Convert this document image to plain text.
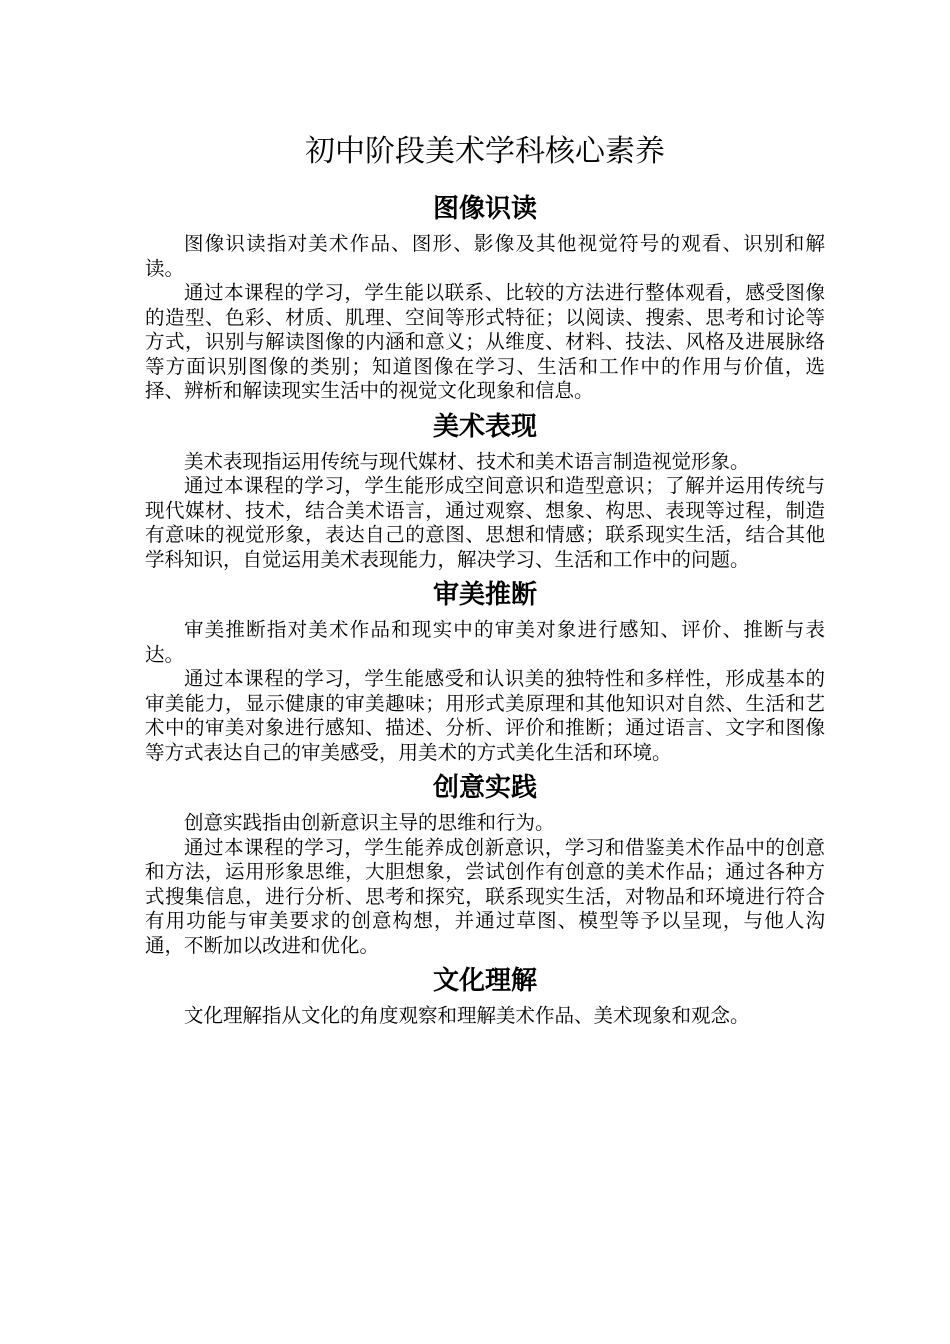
初中阶段美术学科核心素养
图像识读

图像识读指对美术作品、图形、影像及其他视觉符号的观看、识别和解读。

通过本课程的学习，学生能以联系、比较的方法进行整体观看，感受图像的造型、色彩、材质、肌理、空间等形式特征；以阅读、搜索、思考和讨论等方式，识别与解读图像的内涵和意义；从维度、材料、技法、风格及进展脉络等方面识别图像的类别；知道图像在学习、生活和工作中的作用与价值，选择、辨析和解读现实生活中的视觉文化现象和信息。

美术表现

美术表现指运用传统与现代媒材、技术和美术语言制造视觉形象。

通过本课程的学习，学生能形成空间意识和造型意识；了解并运用传统与现代媒材、技术，结合美术语言，通过观察、想象、构思、表现等过程，制造有意味的视觉形象，表达自己的意图、思想和情感；联系现实生活，结合其他学科知识，自觉运用美术表现能力，解决学习、生活和工作中的问题。

审美推断

审美推断指对美术作品和现实中的审美对象进行感知、评价、推断与表达。

通过本课程的学习，学生能感受和认识美的独特性和多样性，形成基本的审美能力，显示健康的审美趣味；用形式美原理和其他知识对自然、生活和艺术中的审美对象进行感知、描述、分析、评价和推断；通过语言、文字和图像等方式表达自己的审美感受，用美术的方式美化生活和环境。

创意实践

创意实践指由创新意识主导的思维和行为。

通过本课程的学习，学生能养成创新意识，学习和借鉴美术作品中的创意和方法，运用形象思维，大胆想象，尝试创作有创意的美术作品；通过各种方式搜集信息，进行分析、思考和探究，联系现实生活，对物品和环境进行符合有用功能与审美要求的创意构想，并通过草图、模型等予以呈现，与他人沟通，不断加以改进和优化。

文化理解

文化理解指从文化的角度观察和理解美术作品、美术现象和观念。
